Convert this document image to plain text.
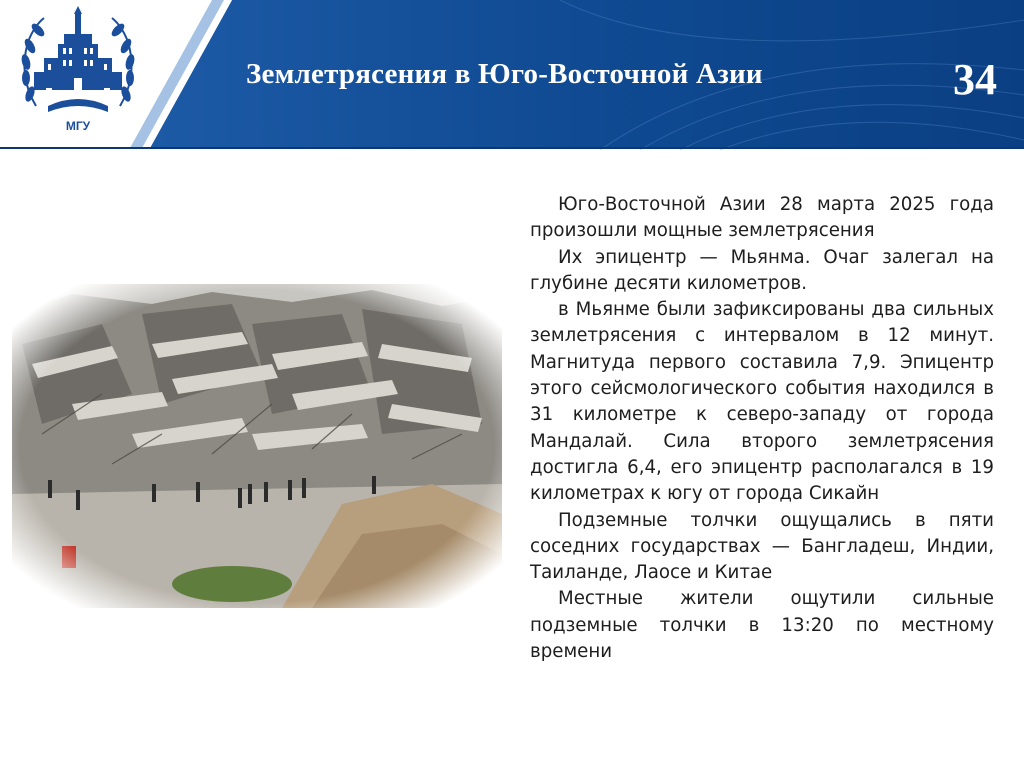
МГУ
Землетрясения в Юго-Восточной Азии	34

Юго-Восточной Азии 28 марта 2025 года произошли мощные землетрясения

Их эпицентр — Мьянма. Очаг залегал на глубине десяти километров.

в Мьянме были зафиксированы два сильных землетрясения с интервалом в 12 минут. Магнитуда первого составила 7,9. Эпицентр этого сейсмологического события находился в 31 километре к северо-западу от города Мандалай. Сила второго землетрясения достигла 6,4, его эпицентр располагался в 19 километрах к югу от города Сикайн

Подземные толчки ощущались в пяти соседних государствах — Бангладеш, Индии, Таиланде, Лаосе и Китае

Местные жители ощутили сильные подземные толчки в 13:20 по местному времени
